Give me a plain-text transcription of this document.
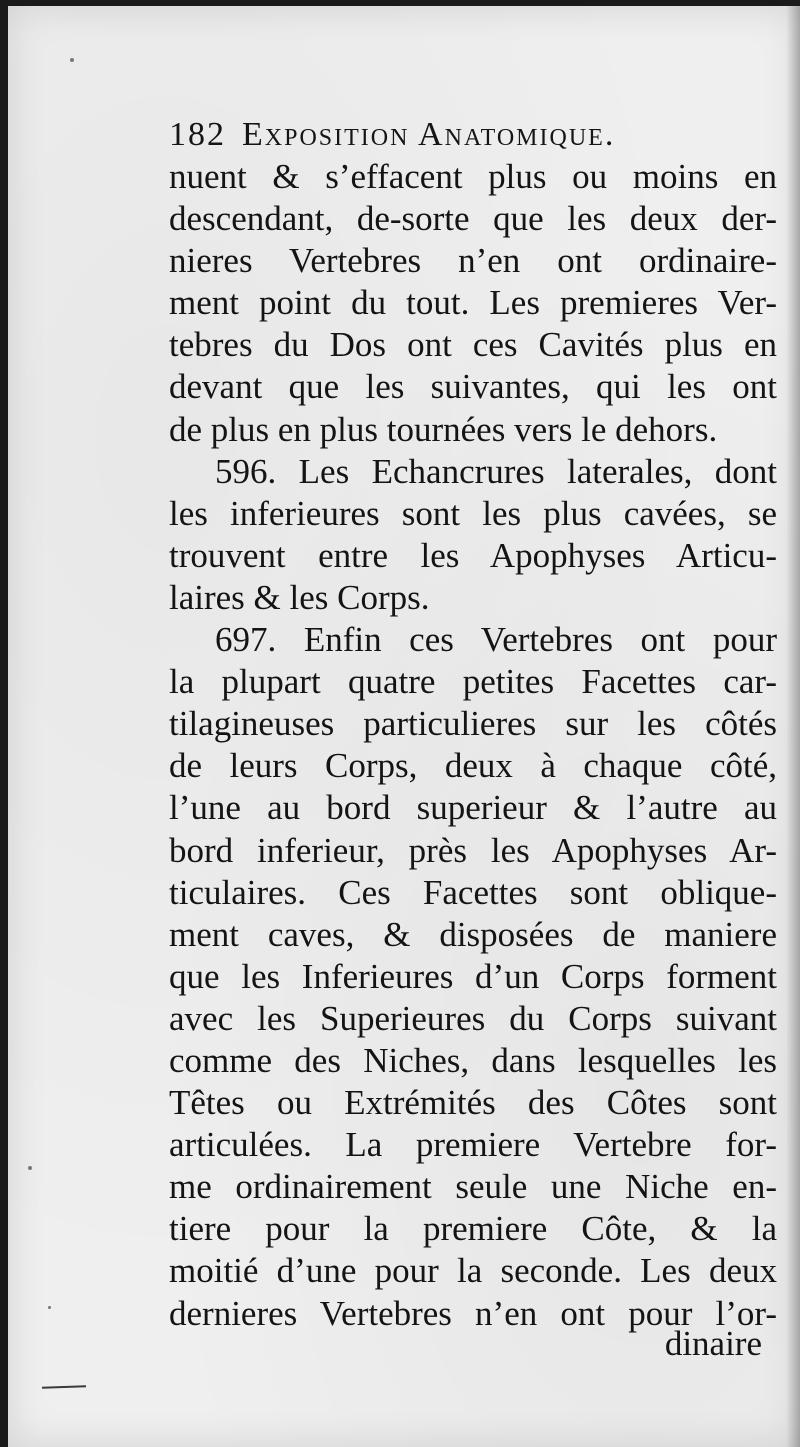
182 Exposition Anatomique.
nuent & s’effacent plus ou moins en
descendant, de-sorte que les deux der-
nieres Vertebres n’en ont ordinaire-
ment point du tout. Les premieres Ver-
tebres du Dos ont ces Cavités plus en
devant que les suivantes, qui les ont
de plus en plus tournées vers le dehors.
596. Les Echancrures laterales, dont
les inferieures sont les plus cavées, se
trouvent entre les Apophyses Articu-
laires & les Corps.
697. Enfin ces Vertebres ont pour
la plupart quatre petites Facettes car-
tilagineuses particulieres sur les côtés
de leurs Corps, deux à chaque côté,
l’une au bord superieur & l’autre au
bord inferieur, près les Apophyses Ar-
ticulaires. Ces Facettes sont oblique-
ment caves, & disposées de maniere
que les Inferieures d’un Corps forment
avec les Superieures du Corps suivant
comme des Niches, dans lesquelles les
Têtes ou Extrémités des Côtes sont
articulées. La premiere Vertebre for-
me ordinairement seule une Niche en-
tiere pour la premiere Côte, & la
moitié d’une pour la seconde. Les deux
dernieres Vertebres n’en ont pour l’or-
dinaire
